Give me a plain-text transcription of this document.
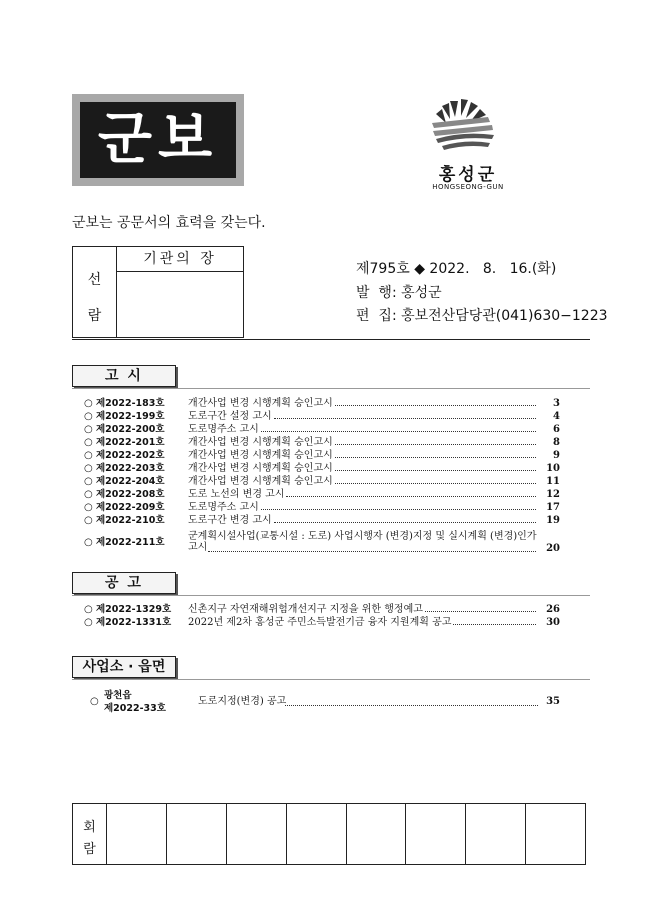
군보
홍성군
HONGSEONG-GUN
군보는 공문서의 효력을 갖는다.
선
람
기관의 장
제795호 ◆ 2022.   8.   16.(화)
발  행: 홍성군
편  집: 홍보전산담당관(041)630−1223
고 시
○ 제2022-183호	개간사업 변경 시행계획 승인고시	3
○ 제2022-199호	도로구간 설정 고시	4
○ 제2022-200호	도로명주소 고시	6
○ 제2022-201호	개간사업 변경 시행계획 승인고시	8
○ 제2022-202호	개간사업 변경 시행계획 승인고시	9
○ 제2022-203호	개간사업 변경 시행계획 승인고시	10
○ 제2022-204호	개간사업 변경 시행계획 승인고시	11
○ 제2022-208호	도로 노선의 변경 고시	12
○ 제2022-209호	도로명주소 고시	17
○ 제2022-210호	도로구간 변경 고시	19
○ 제2022-211호
군계획시설사업(교통시설 : 도로) 사업시행자 (변경)지정 및 실시계획 (변경)인가
고시	20
공 고
○ 제2022-1329호	신촌지구 자연재해위험개선지구 지정을 위한 행정예고	26
○ 제2022-1331호	2022년 제2차 홍성군 주민소득발전기금 융자 지원계획 공고	30
사업소 · 읍면
○
광천읍
제2022-33호
도로지정(변경) 공고	35
회
람
